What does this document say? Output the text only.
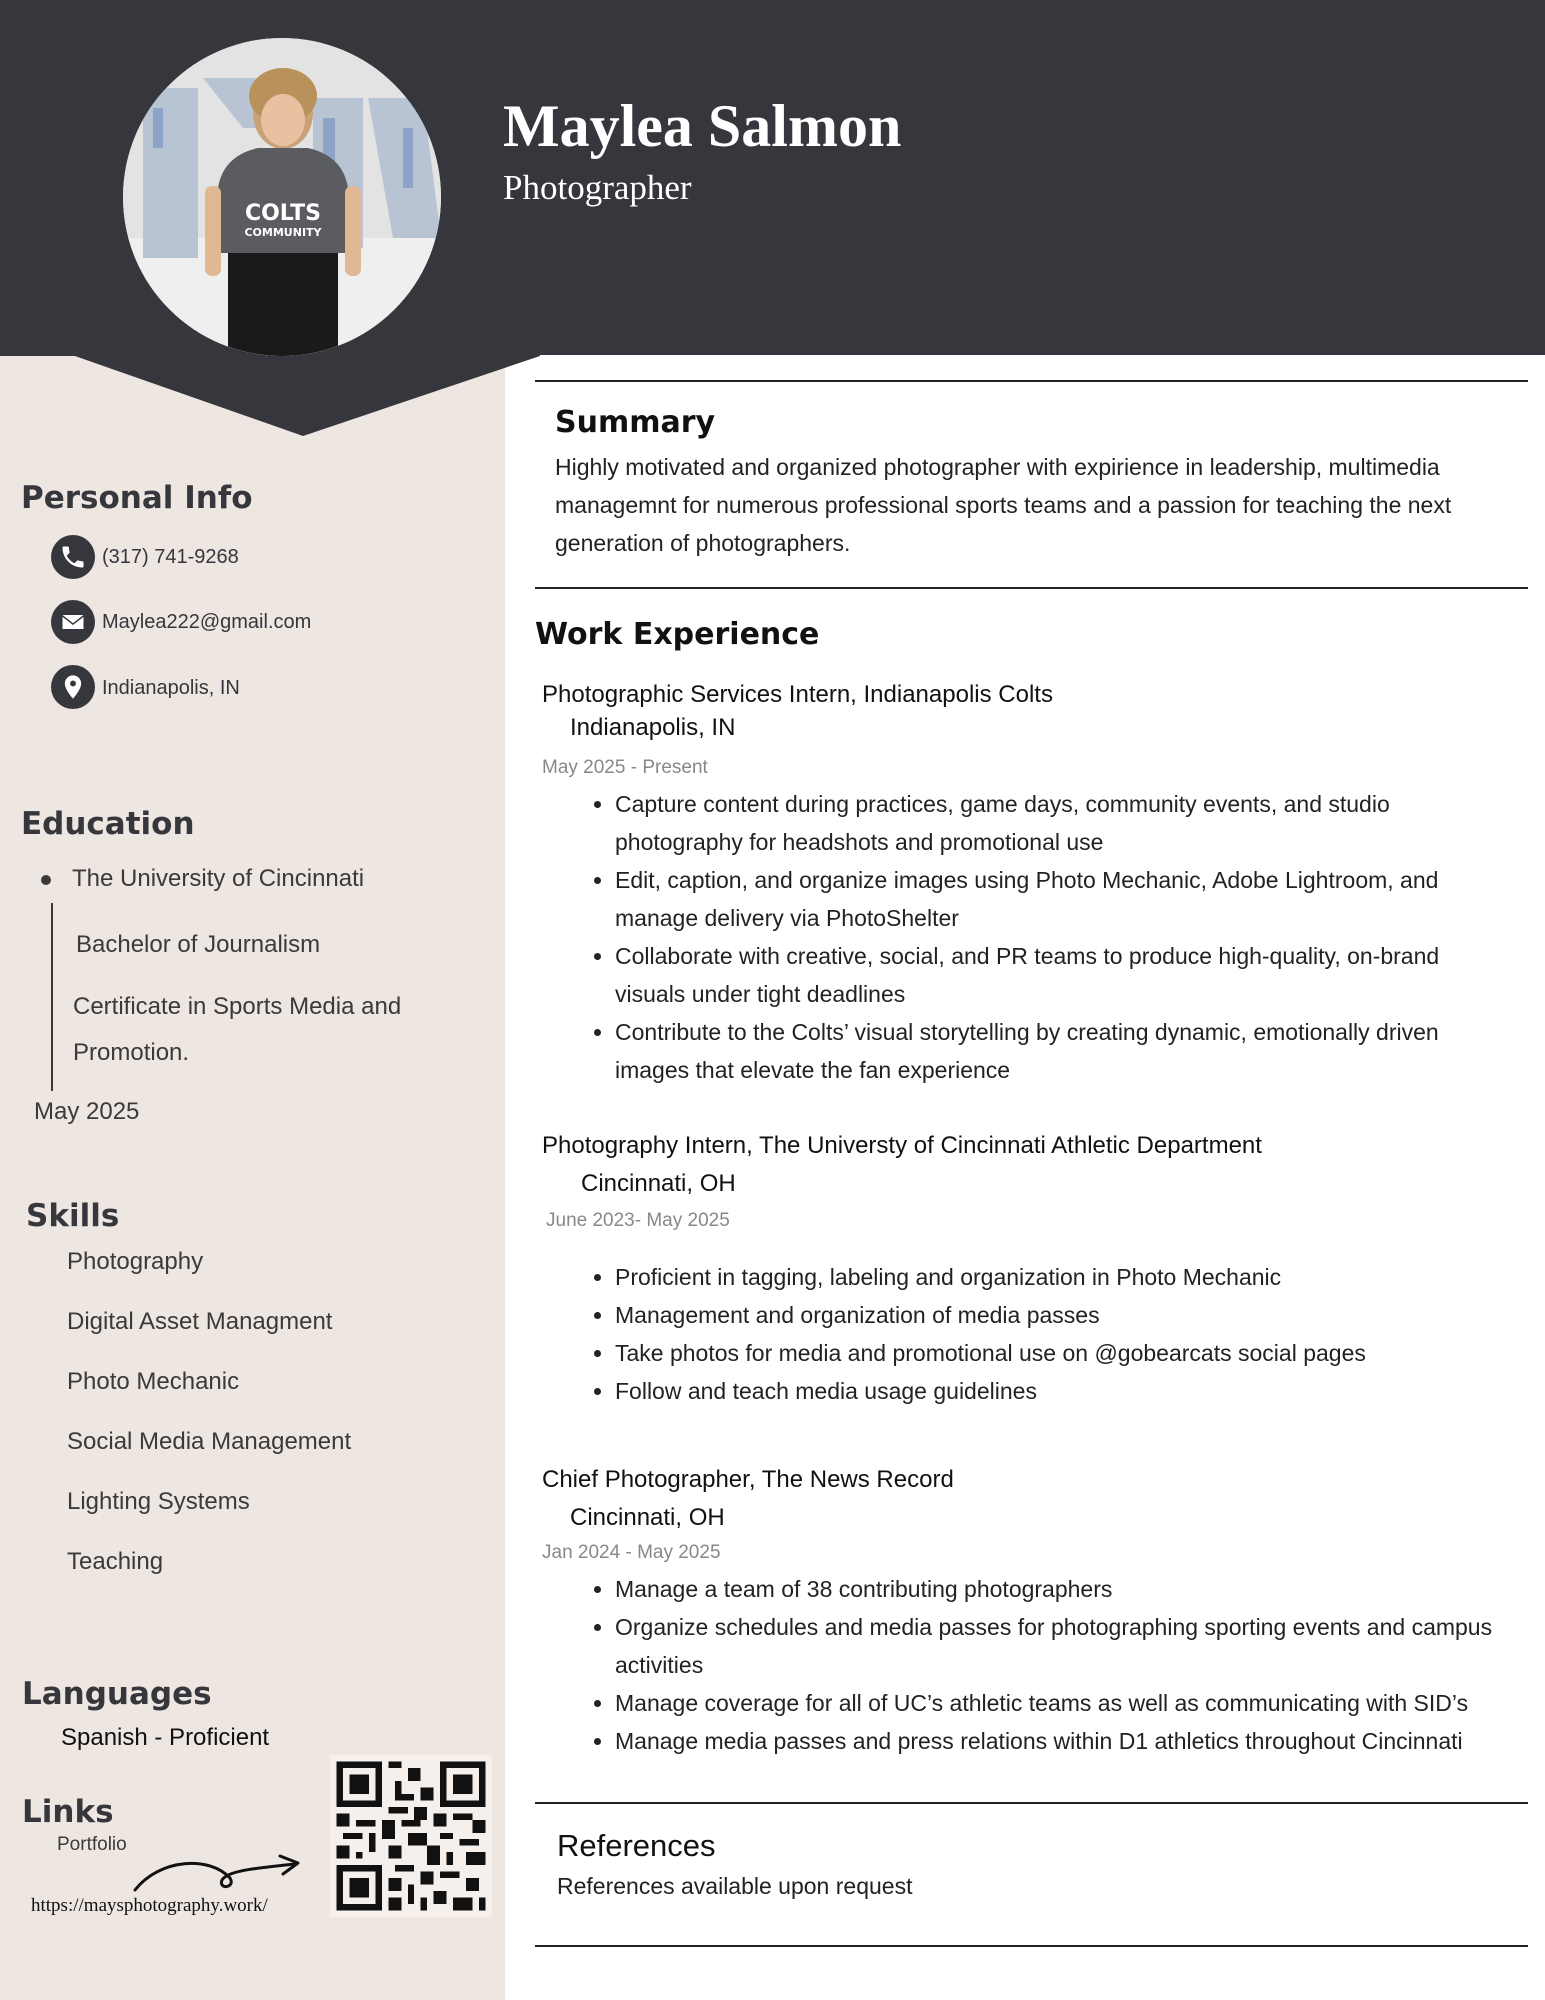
COLTS
COMMUNITY
Maylea Salmon
Photographer
Personal Info
(317) 741-9268
Maylea222@gmail.com
Indianapolis, IN
Education
The University of Cincinnati
Bachelor of Journalism
Certificate in Sports Media and
Promotion.
May 2025
Skills
Photography
Digital Asset Managment
Photo Mechanic
Social Media Management
Lighting Systems
Teaching
Languages
Spanish - Proficient
Links
Portfolio
https://maysphotography.work/
Summary

Highly motivated and organized photographer with expirience in leadership, multimedia managemnt for numerous professional sports teams and a passion for teaching the next generation of photographers.

Work Experience
Photographic Services Intern, Indianapolis Colts
Indianapolis, IN
May 2025 - Present
• Capture content during practices, game days, community events, and studio photography for headshots and promotional use
• Edit, caption, and organize images using Photo Mechanic, Adobe Lightroom, and manage delivery via PhotoShelter
• Collaborate with creative, social, and PR teams to produce high-quality, on-brand visuals under tight deadlines
• Contribute to the Colts’ visual storytelling by creating dynamic, emotionally driven images that elevate the fan experience
Photography Intern, The Universty of Cincinnati Athletic Department
Cincinnati, OH
June 2023- May 2025
• Proficient in tagging, labeling and organization in Photo Mechanic
• Management and organization of media passes
• Take photos for media and promotional use on @gobearcats social pages
• Follow and teach media usage guidelines
Chief Photographer, The News Record
Cincinnati, OH
Jan 2024 - May 2025
• Manage a team of 38 contributing photographers
• Organize schedules and media passes for photographing sporting events and campus activities
• Manage coverage for all of UC’s athletic teams as well as communicating with SID’s
• Manage media passes and press relations within D1 athletics throughout Cincinnati
References
References available upon request
